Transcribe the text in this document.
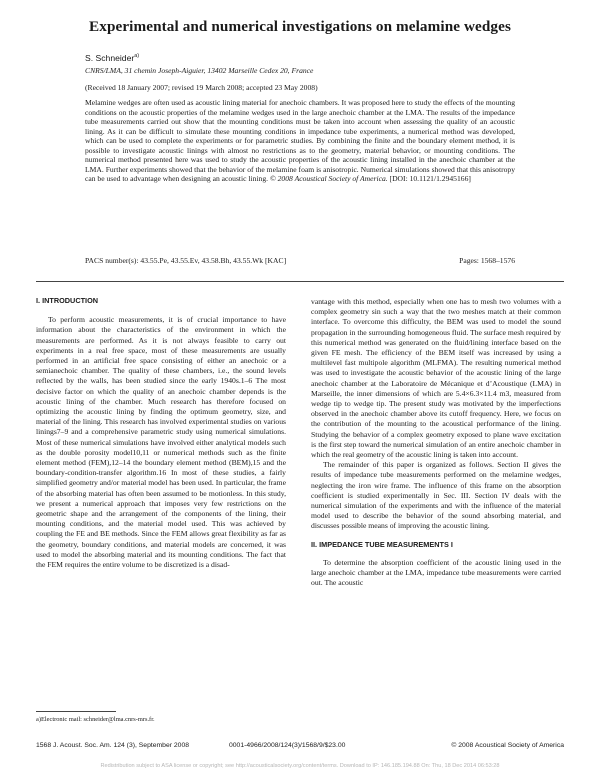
Experimental and numerical investigations on melamine wedges
S. Schneider$^{a)}$
CNRS/LMA, 31 chemin Joseph-Aiguier, 13402 Marseille Cedex 20, France
(Received 18 January 2007; revised 19 March 2008; accepted 23 May 2008)
Melamine wedges are often used as acoustic lining material for anechoic chambers. It was proposed here to study the effects of the mounting conditions on the acoustic properties of the melamine wedges used in the large anechoic chamber at the LMA. The results of the impedance tube measurements carried out show that the mounting conditions must be taken into account when assessing the quality of an acoustic lining. As it can be difficult to simulate these mounting conditions in impedance tube experiments, a numerical method was developed, which can be used to complete the experiments or for parametric studies. By combining the finite and the boundary element method, it is possible to investigate acoustic linings with almost no restrictions as to the geometry, material behavior, or mounting conditions. The numerical method presented here was used to study the acoustic properties of the acoustic lining installed in the anechoic chamber at the LMA. Further experiments showed that the behavior of the melamine foam is anisotropic. Numerical simulations showed that this anisotropy can be used to advantage when designing an acoustic lining. © 2008 Acoustical Society of America. [DOI: 10.1121/1.2945166]
PACS number(s): 43.55.Pe, 43.55.Ev, 43.58.Bh, 43.55.Wk [KAC]	Pages: 1568–1576
I. INTRODUCTION

To perform acoustic measurements, it is of crucial importance to have information about the characteristics of the environment in which the measurements are performed. As it is not always feasible to carry out experiments in a real free space, most of these measurements are usually performed in an artificial free space consisting of either an anechoic or a semianechoic chamber. The quality of these chambers, i.e., the sound levels reflected by the walls, has been studied since the early 1940s.1–6 The most decisive factor on which the quality of an anechoic chamber depends is the acoustic lining of the chamber. Much research has therefore focused on optimizing the acoustic lining by finding the optimum geometry, size, and material of the lining. This research has involved experimental studies on various linings7–9 and a comprehensive parametric study using numerical simulations. Most of these numerical simulations have involved either analytical models such as the double porosity model10,11 or numerical methods such as the finite element method (FEM),12–14 the boundary element method (BEM),15 and the boundary-condition-transfer algorithm.16 In most of these studies, a fairly simplified geometry and/or material model has been used. In particular, the frame of the absorbing material has often been assumed to be motionless. In this study, we present a numerical approach that imposes very few restrictions on the geometric shape and the arrangement of the components of the lining, their mounting conditions, and the material model used. This was achieved by coupling the FE and BE methods. Since the FEM allows great flexibility as far as the geometry, boundary conditions, and material models are concerned, it was used to model the absorbing material and its mounting conditions. The fact that the FEM requires the entire volume to be discretized is a disad-

vantage with this method, especially when one has to mesh two volumes with a complex geometry sin such a way that the two meshes match at their common interface. To overcome this difficulty, the BEM was used to model the sound propagation in the surrounding homogeneous fluid. The surface mesh required by this numerical method was generated on the fluid/lining interface based on the given FE mesh. The efficiency of the BEM itself was increased by using a multilevel fast multipole algorithm (MLFMA). The resulting numerical method was used to investigate the acoustic behavior of the acoustic lining of the large anechoic chamber at the Laboratoire de Mécanique et d’Acoustique (LMA) in Marseille, the inner dimensions of which are 5.4×6.3×11.4 m3, measured from wedge tip to wedge tip. The present study was motivated by the imperfections observed in the anechoic chamber above its cutoff frequency. Here, we focus on the contribution of the mounting to the acoustical performance of the lining. Studying the behavior of a complex geometry exposed to plane wave excitation is the first step toward the numerical simulation of an entire anechoic chamber in which the real geometry of the acoustic lining is taken into account.

The remainder of this paper is organized as follows. Section II gives the results of impedance tube measurements performed on the melamine wedges, neglecting the iron wire frame. The influence of this frame on the absorption coefficient is studied experimentally in Sec. III. Section IV deals with the numerical simulation of the experiments and with the influence of the material model used to describe the behavior of the sound absorbing material, and discusses possible means of improving the acoustic lining.

II. IMPEDANCE TUBE MEASUREMENTS I

To determine the absorption coefficient of the acoustic lining used in the large anechoic chamber at the LMA, impedance tube measurements were carried out. The acoustic

a)Electronic mail: schneider@lma.cnrs-mrs.fr.
1568 J. Acoust. Soc. Am. 124 (3), September 2008	0001-4966/2008/124(3)/1568/9/$23.00	© 2008 Acoustical Society of America
Redistribution subject to ASA license or copyright; see http://acousticalsociety.org/content/terms. Download to IP: 146.185.194.88 On: Thu, 18 Dec 2014 06:53:28
